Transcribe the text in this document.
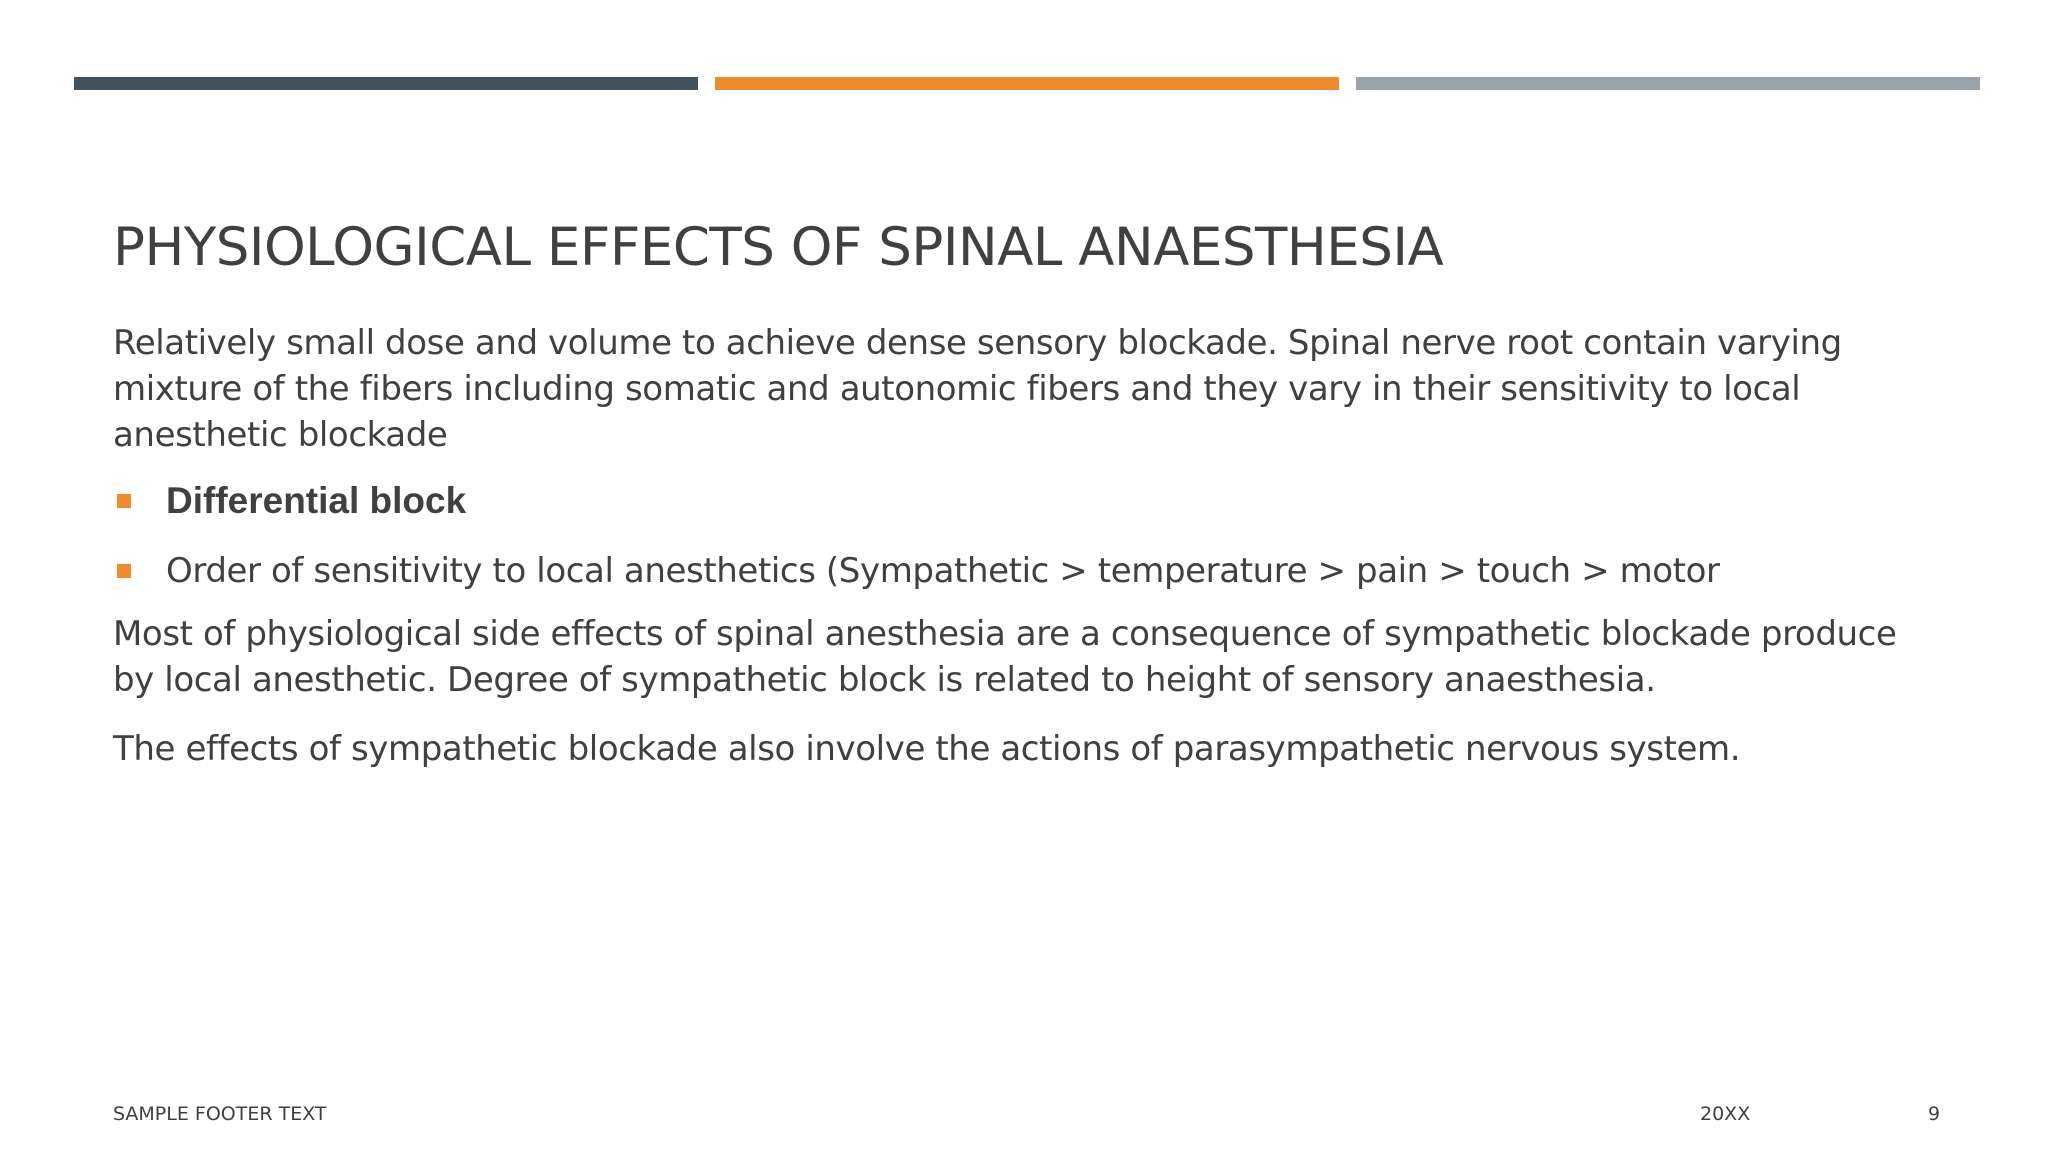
PHYSIOLOGICAL EFFECTS OF SPINAL ANAESTHESIA

Relatively small dose and volume to achieve dense sensory blockade. Spinal nerve root contain varying mixture of the fibers including somatic and autonomic fibers and they vary in their sensitivity to local anesthetic blockade

Differential block
Order of sensitivity to local anesthetics (Sympathetic > temperature > pain > touch > motor

Most of physiological side effects of spinal anesthesia are a consequence of sympathetic blockade produce by local anesthetic. Degree of sympathetic block is related to height of sensory anaesthesia.

The effects of sympathetic blockade also involve the actions of parasympathetic nervous system.

SAMPLE FOOTER TEXT	20XX	9
